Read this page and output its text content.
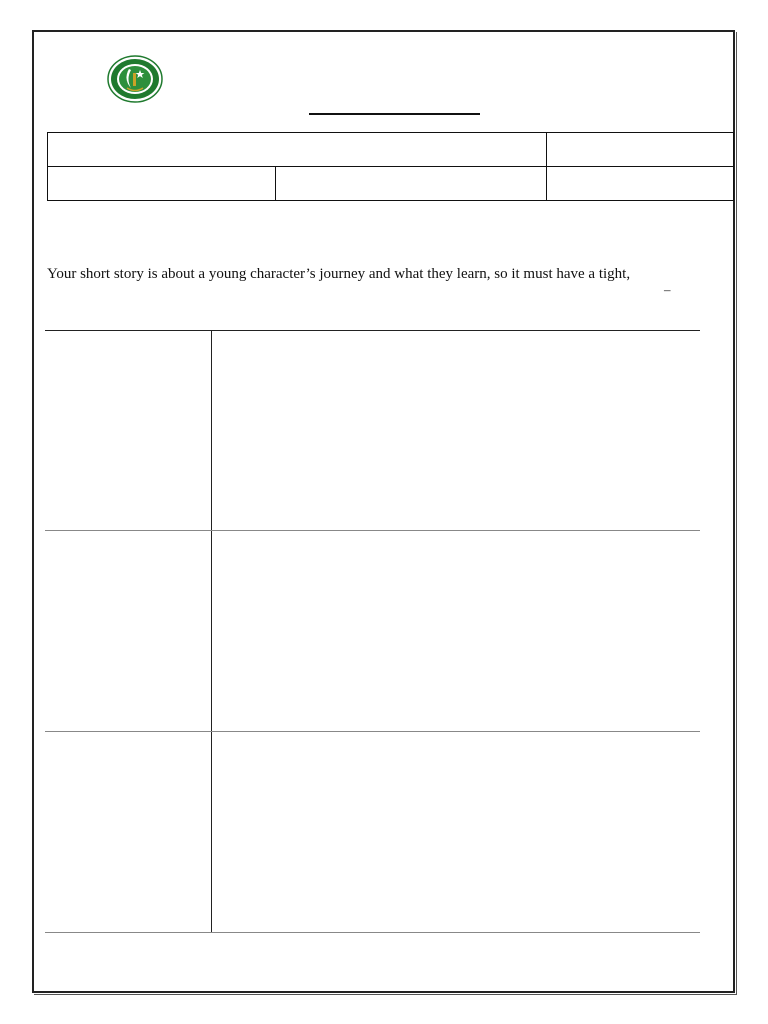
Your short story is about a young character’s journey and what they learn, so it must have a tight,
–
